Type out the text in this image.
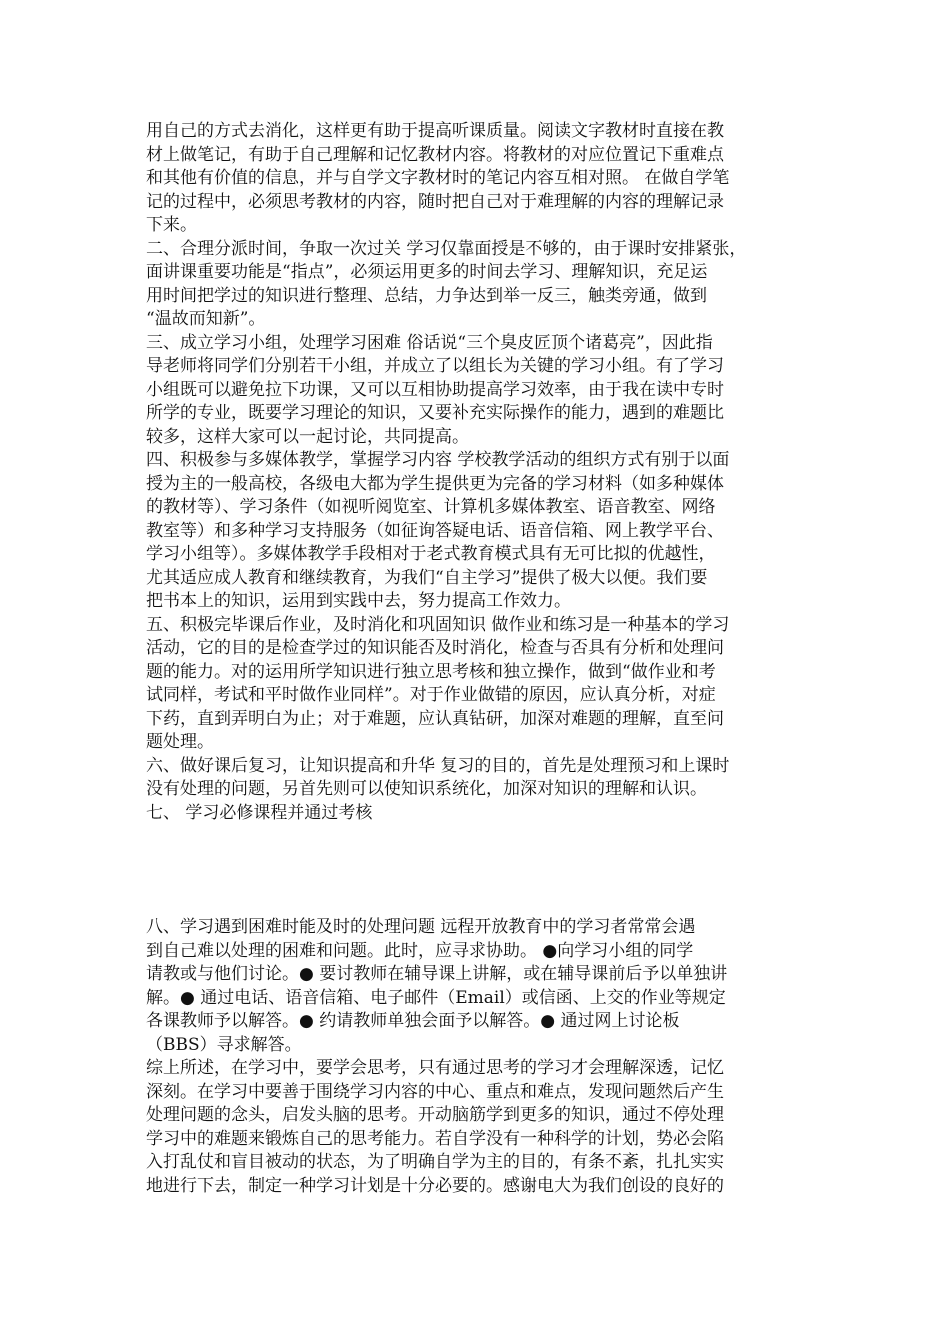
用自己的方式去消化，这样更有助于提高听课质量。阅读文字教材时直接在教
材上做笔记，有助于自己理解和记忆教材内容。将教材的对应位置记下重难点
和其他有价值的信息，并与自学文字教材时的笔记内容互相对照。 在做自学笔
记的过程中，必须思考教材的内容，随时把自己对于难理解的内容的理解记录
下来。
二、合理分派时间，争取一次过关 学习仅靠面授是不够的，由于课时安排紧张，
面讲课重要功能是“指点”，必须运用更多的时间去学习、理解知识，充足运
用时间把学过的知识进行整理、总结，力争达到举一反三，触类旁通，做到
“温故而知新”。
三、成立学习小组，处理学习困难 俗话说“三个臭皮匠顶个诸葛亮”，因此指
导老师将同学们分别若干小组，并成立了以组长为关键的学习小组。有了学习
小组既可以避免拉下功课，又可以互相协助提高学习效率，由于我在读中专时
所学的专业，既要学习理论的知识，又要补充实际操作的能力，遇到的难题比
较多，这样大家可以一起讨论，共同提高。
四、积极参与多媒体教学，掌握学习内容 学校教学活动的组织方式有别于以面
授为主的一般高校，各级电大都为学生提供更为完备的学习材料（如多种媒体
的教材等）、学习条件（如视听阅览室、计算机多媒体教室、语音教室、网络
教室等）和多种学习支持服务（如征询答疑电话、语音信箱、网上教学平台、
学习小组等）。多媒体教学手段相对于老式教育模式具有无可比拟的优越性，
尤其适应成人教育和继续教育，为我们“自主学习”提供了极大以便。我们要
把书本上的知识，运用到实践中去，努力提高工作效力。
五、积极完毕课后作业，及时消化和巩固知识 做作业和练习是一种基本的学习
活动，它的目的是检查学过的知识能否及时消化，检查与否具有分析和处理问
题的能力。对的运用所学知识进行独立思考核和独立操作，做到“做作业和考
试同样，考试和平时做作业同样”。对于作业做错的原因，应认真分析，对症
下药，直到弄明白为止；对于难题，应认真钻研，加深对难题的理解，直至问
题处理。
六、做好课后复习，让知识提高和升华 复习的目的，首先是处理预习和上课时
没有处理的问题，另首先则可以使知识系统化，加深对知识的理解和认识。
七、 学习必修课程并通过考核
八、学习遇到困难时能及时的处理问题 远程开放教育中的学习者常常会遇
到自己难以处理的困难和问题。此时，应寻求协助。 ●向学习小组的同学
请教或与他们讨论。● 要讨教师在辅导课上讲解，或在辅导课前后予以单独讲
解。● 通过电话、语音信箱、电子邮件（Email）或信函、上交的作业等规定
各课教师予以解答。● 约请教师单独会面予以解答。● 通过网上讨论板
（BBS）寻求解答。
综上所述，在学习中，要学会思考，只有通过思考的学习才会理解深透，记忆
深刻。在学习中要善于围绕学习内容的中心、重点和难点，发现问题然后产生
处理问题的念头，启发头脑的思考。开动脑筋学到更多的知识，通过不停处理
学习中的难题来锻炼自己的思考能力。若自学没有一种科学的计划，势必会陷
入打乱仗和盲目被动的状态，为了明确自学为主的目的，有条不紊，扎扎实实
地进行下去，制定一种学习计划是十分必要的。感谢电大为我们创设的良好的
